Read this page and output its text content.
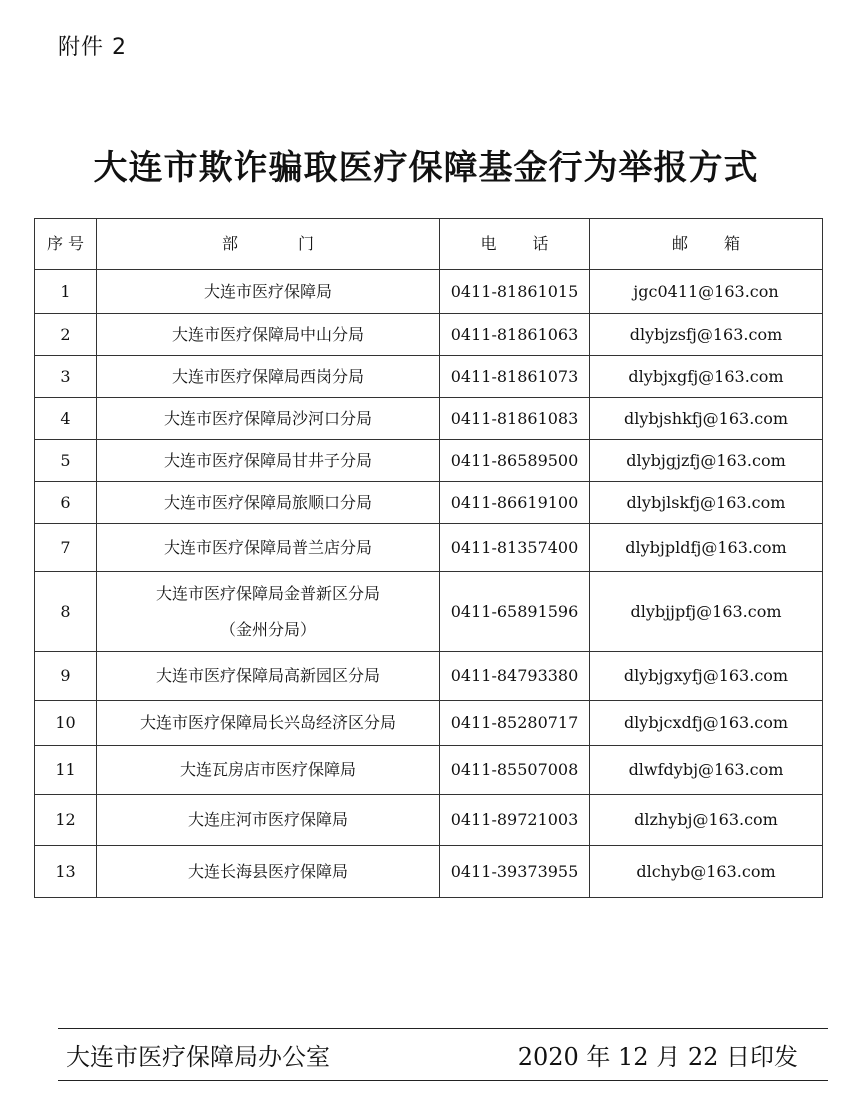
附件 2
大连市欺诈骗取医疗保障基金行为举报方式
序 号	部门	电话	邮箱
1	大连市医疗保障局	0411-81861015	jgc0411@163.con
2	大连市医疗保障局中山分局	0411-81861063	dlybjzsfj@163.com
3	大连市医疗保障局西岗分局	0411-81861073	dlybjxgfj@163.com
4	大连市医疗保障局沙河口分局	0411-81861083	dlybjshkfj@163.com
5	大连市医疗保障局甘井子分局	0411-86589500	dlybjgjzfj@163.com
6	大连市医疗保障局旅顺口分局	0411-86619100	dlybjlskfj@163.com
7	大连市医疗保障局普兰店分局	0411-81357400	dlybjpldfj@163.com
8	大连市医疗保障局金普新区分局
（金州分局）	0411-65891596	dlybjjpfj@163.com
9	大连市医疗保障局高新园区分局	0411-84793380	dlybjgxyfj@163.com
10	大连市医疗保障局长兴岛经济区分局	0411-85280717	dlybjcxdfj@163.com
11	大连瓦房店市医疗保障局	0411-85507008	dlwfdybj@163.com
12	大连庄河市医疗保障局	0411-89721003	dlzhybj@163.com
13	大连长海县医疗保障局	0411-39373955	dlchyb@163.com
大连市医疗保障局办公室	2020 年 12 月 22 日印发
